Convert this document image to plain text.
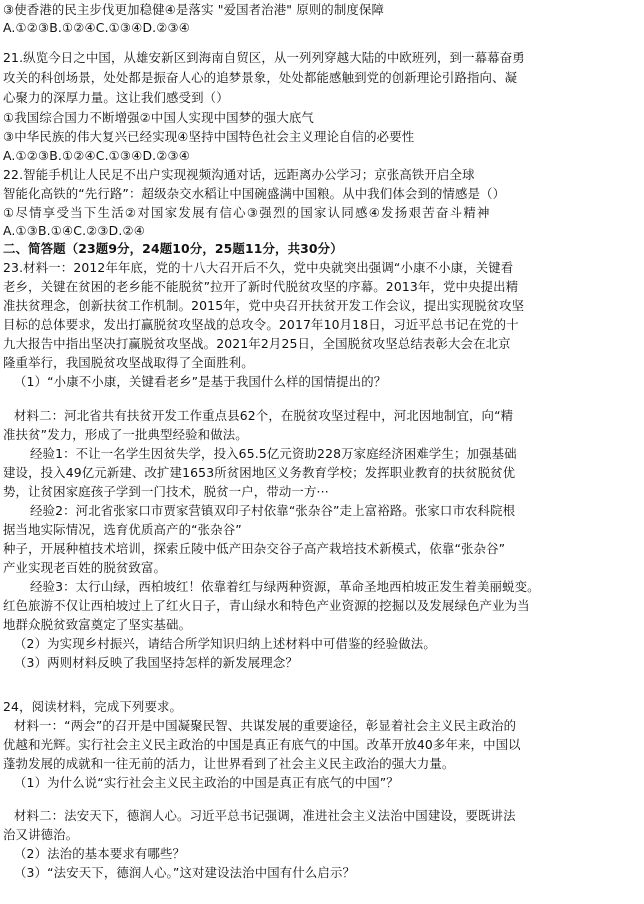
③使香港的民主步伐更加稳健④是落实 "爱国者治港" 原则的制度保障
A.①②③B.①②④C.①③④D.②③④
21.纵览今日之中国，从雄安新区到海南自贸区，从一列列穿越大陆的中欧班列，到一幕幕奋勇
攻关的科创场景，处处都是振奋人心的追梦景象，处处都能感触到党的创新理论引路指向、凝
心聚力的深厚力量。这让我们感受到（）
①我国综合国力不断增强②中国人实现中国梦的强大底气
③中华民族的伟大复兴已经实现④坚持中国特色社会主义理论自信的必要性
A.①②③B.①②④C.①③④D.②③④
22.智能手机让人民足不出户实现视频沟通对话，远距离办公学习；京张高铁开启全球
智能化高铁的“先行路”：超级杂交水稻让中国碗盛满中国粮。从中我们体会到的情感是（）
①尽情享受当下生活②对国家发展有信心③强烈的国家认同感④发扬艰苦奋斗精神
A.①③B.①④C.②③D.②④
二、简答题（23题9分，24题10分，25题11分，共30分）
23.材料一：2012年年底，党的十八大召开后不久，党中央就突出强调“小康不小康，关键看
老乡，关键在贫困的老乡能不能脱贫”拉开了新时代脱贫攻坚的序幕。2013年，党中央提出精
准扶贫理念，创新扶贫工作机制。2015年，党中央召开扶贫开发工作会议，提出实现脱贫攻坚
目标的总体要求，发出打赢脱贫攻坚战的总攻令。2017年10月18日，习近平总书记在党的十
九大报告中指出坚决打赢脱贫攻坚战。2021年2月25日，全国脱贫攻坚总结表彰大会在北京
隆重举行，我国脱贫攻坚战取得了全面胜利。
（1）“小康不小康，关键看老乡”是基于我国什么样的国情提出的？
材料二：河北省共有扶贫开发工作重点县62个，在脱贫攻坚过程中，河北因地制宜，向“精
准扶贫”发力，形成了一批典型经验和做法。
经验1：不让一名学生因贫失学，投入65.5亿元资助228万家庭经济困难学生；加强基础
建设，投入49亿元新建、改扩建1653所贫困地区义务教育学校；发挥职业教育的扶贫脱贫优
势，让贫困家庭孩子学到一门技术，脱贫一户，带动一方···
经验2：河北省张家口市贾家营镇双印子村依靠“张杂谷”走上富裕路。张家口市农科院根
据当地实际情况，选育优质高产的“张杂谷”
种子，开展种植技术培训，探索丘陵中低产田杂交谷子高产栽培技术新模式，依靠“张杂谷”
产业实现老百姓的脱贫致富。
经验3：太行山绿，西柏坡红！依靠着红与绿两种资源，革命圣地西柏坡正发生着美丽蜕变。
红色旅游不仅让西柏坡过上了红火日子，青山绿水和特色产业资源的挖掘以及发展绿色产业为当
地群众脱贫致富奠定了坚实基础。
（2）为实现乡村振兴，请结合所学知识归纳上述材料中可借鉴的经验做法。
（3）两则材料反映了我国坚持怎样的新发展理念？
24，阅读材料，完成下列要求。
材料一：“两会”的召开是中国凝聚民智、共谋发展的重要途径，彰显着社会主义民主政治的
优越和光辉。实行社会主义民主政治的中国是真正有底气的中国。改革开放40多年来，中国以
蓬勃发展的成就和一往无前的活力，让世界看到了社会主义民主政治的强大力量。
（1）为什么说“实行社会主义民主政治的中国是真正有底气的中国”？
材料二：法安天下，德润人心。习近平总书记强调，准进社会主义法治中国建设，要既讲法
治又讲德治。
（2）法治的基本要求有哪些？
（3）“法安天下，德润人心。”这对建设法治中国有什么启示？
